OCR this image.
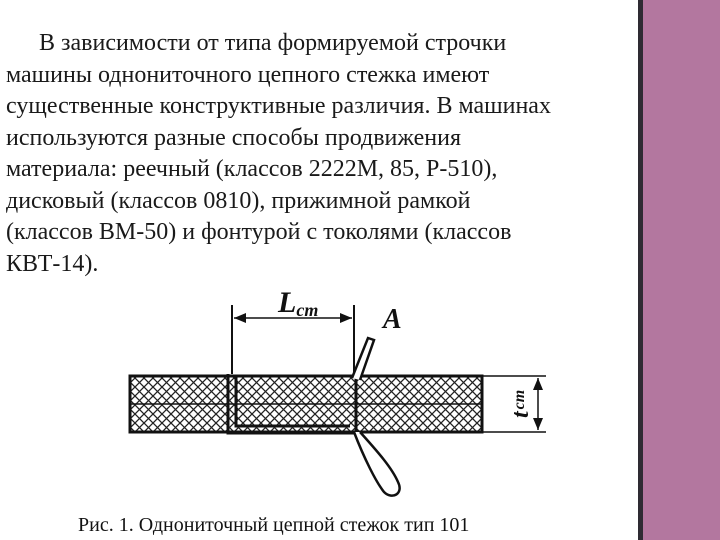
В зависимости от типа формируемой строчки
машины однониточного цепного стежка имеют
существенные конструктивные различия. В машинах
используются разные способы продвижения
материала: реечный (классов 2222М, 85, Р-510),
дисковый (классов 0810), прижимной рамкой
(классов ВМ-50) и фонтурой с токолями (классов
КВТ-14).

Lст A
tст
Рис. 1. Однониточный цепной стежок тип 101
